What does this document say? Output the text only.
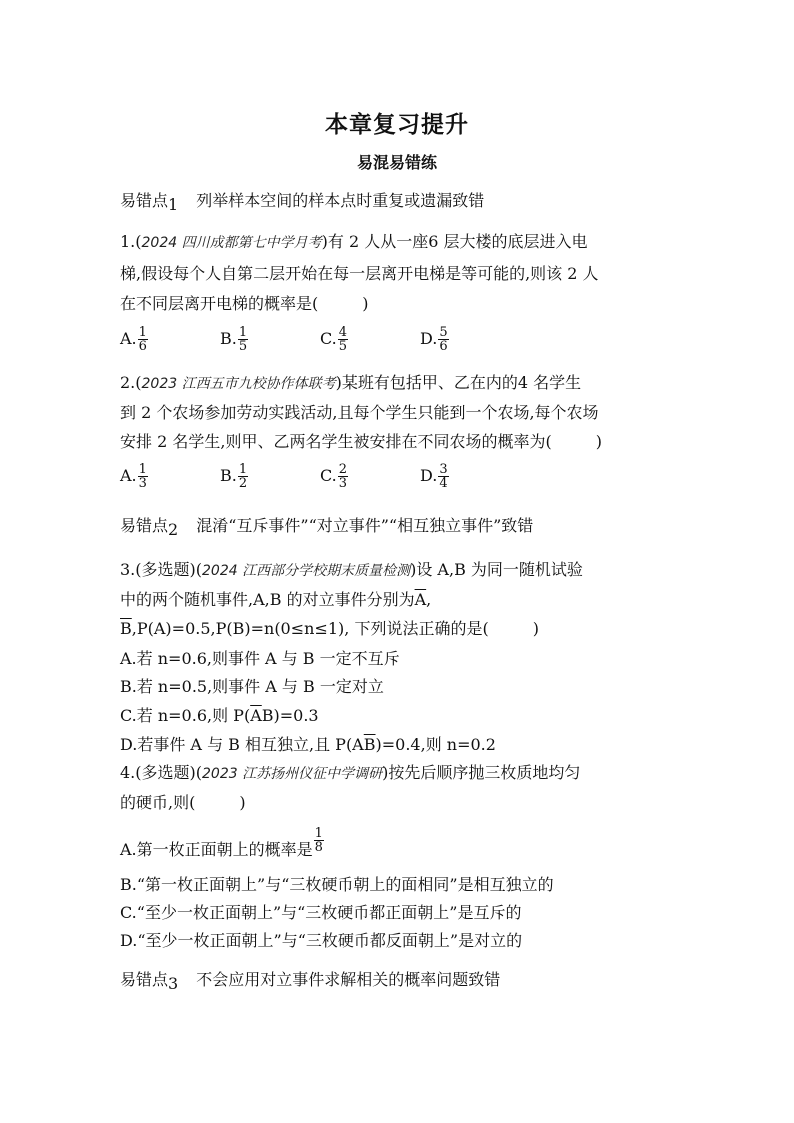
本章复习提升
易混易错练
易错点1 列举样本空间的样本点时重复或遗漏致错
1.(2024 四川成都第七中学月考)有 2 人从一座6 层大楼的底层进入电
梯,假设每个人自第二层开始在每一层离开电梯是等可能的,则该 2 人
在不同层离开电梯的概率是(	)
A. $\frac{1}{6}$	B. $\frac{1}{5}$	C. $\frac{4}{5}$	D. $\frac{5}{6}$
2.(2023 江西五市九校协作体联考)某班有包括甲、乙在内的4 名学生
到 2 个农场参加劳动实践活动,且每个学生只能到一个农场,每个农场
安排 2 名学生,则甲、乙两名学生被安排在不同农场的概率为(	)
A. $\frac{1}{3}$	B. $\frac{1}{2}$	C. $\frac{2}{3}$	D. $\frac{3}{4}$
易错点2 混淆“互斥事件”“对立事件”“相互独立事件”致错
3.(多选题)(2024 江西部分学校期末质量检测)设 A,B 为同一随机试验
中的两个随机事件,A,B 的对立事件分别为$\overline{A}$,
$\overline{B},P(A)=0.5,P(B)=n(0\le n\le 1)$, 下列说法正确的是(	)
A.若 n=0.6,则事件 A 与 B 一定不互斥
B.若 n=0.5,则事件 A 与 B 一定对立
C.若 n=0.6,则 $P(\overline{A}B)=0.3$
D.若事件 A 与 B 相互独立,且 $P(A\overline{B})=0.4$,则 n=0.2
4.(多选题)(2023 江苏扬州仪征中学调研)按先后顺序抛三枚质地均匀
的硬币,则(	)
A.第一枚正面朝上的概率是 $\frac{1}{8}$
B.“第一枚正面朝上”与“三枚硬币朝上的面相同”是相互独立的
C.“至少一枚正面朝上”与“三枚硬币都正面朝上”是互斥的
D.“至少一枚正面朝上”与“三枚硬币都反面朝上”是对立的
易错点3 不会应用对立事件求解相关的概率问题致错
